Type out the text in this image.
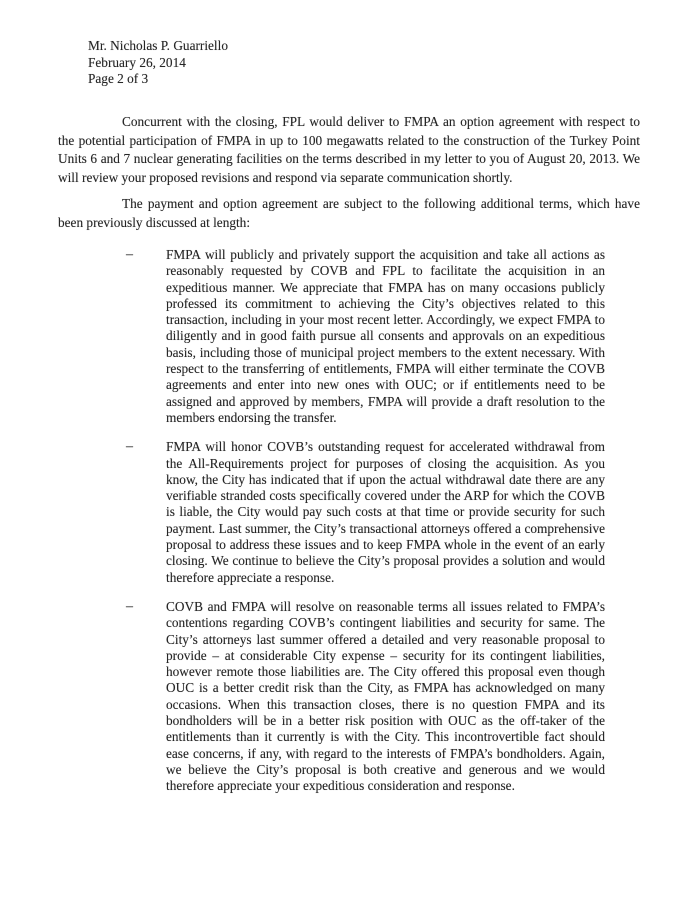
Mr. Nicholas P. Guarriello
February 26, 2014
Page 2 of 3

Concurrent with the closing, FPL would deliver to FMPA an option agreement with respect to the potential participation of FMPA in up to 100 megawatts related to the construction of the Turkey Point Units 6 and 7 nuclear generating facilities on the terms described in my letter to you of August 20, 2013. We will review your proposed revisions and respond via separate communication shortly.

The payment and option agreement are subject to the following additional terms, which have been previously discussed at length:

–	FMPA will publicly and privately support the acquisition and take all actions as reasonably requested by COVB and FPL to facilitate the acquisition in an expeditious manner. We appreciate that FMPA has on many occasions publicly professed its commitment to achieving the City’s objectives related to this transaction, including in your most recent letter. Accordingly, we expect FMPA to diligently and in good faith pursue all consents and approvals on an expeditious basis, including those of municipal project members to the extent necessary. With respect to the transferring of entitlements, FMPA will either terminate the COVB agreements and enter into new ones with OUC; or if entitlements need to be assigned and approved by members, FMPA will provide a draft resolution to the members endorsing the transfer.

–	FMPA will honor COVB’s outstanding request for accelerated withdrawal from the All-Requirements project for purposes of closing the acquisition. As you know, the City has indicated that if upon the actual withdrawal date there are any verifiable stranded costs specifically covered under the ARP for which the COVB is liable, the City would pay such costs at that time or provide security for such payment. Last summer, the City’s transactional attorneys offered a comprehensive proposal to address these issues and to keep FMPA whole in the event of an early closing. We continue to believe the City’s proposal provides a solution and would therefore appreciate a response.

–	COVB and FMPA will resolve on reasonable terms all issues related to FMPA’s contentions regarding COVB’s contingent liabilities and security for same. The City’s attorneys last summer offered a detailed and very reasonable proposal to provide – at considerable City expense – security for its contingent liabilities, however remote those liabilities are. The City offered this proposal even though OUC is a better credit risk than the City, as FMPA has acknowledged on many occasions. When this transaction closes, there is no question FMPA and its bondholders will be in a better risk position with OUC as the off-taker of the entitlements than it currently is with the City. This incontrovertible fact should ease concerns, if any, with regard to the interests of FMPA’s bondholders. Again, we believe the City’s proposal is both creative and generous and we would therefore appreciate your expeditious consideration and response.
